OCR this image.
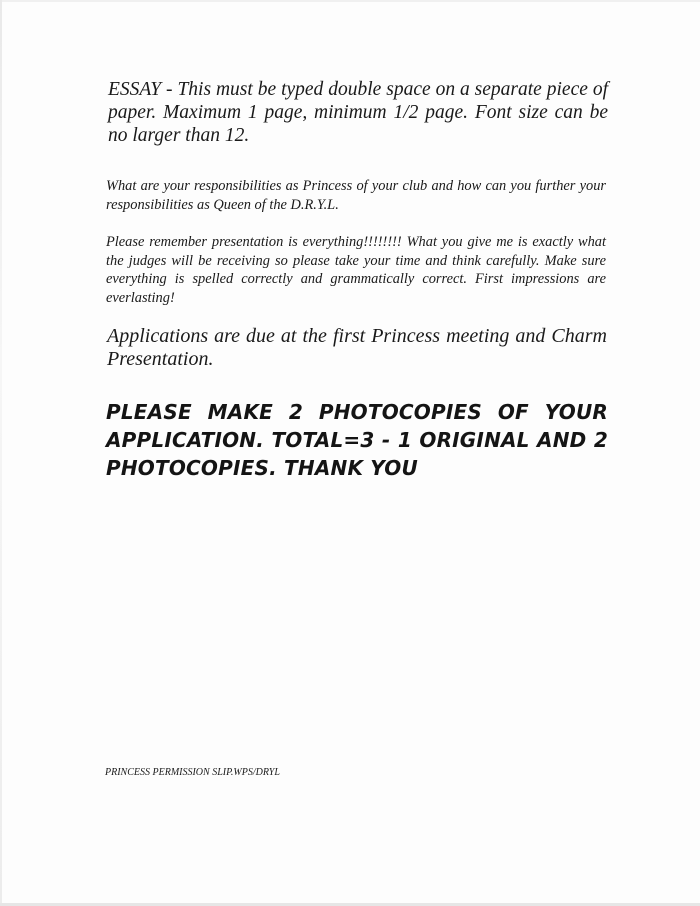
ESSAY - This must be typed double space on a separate piece of paper. Maximum 1 page, minimum 1/2 page. Font size can be no larger than 12.
What are your responsibilities as Princess of your club and how can you further your responsibilities as Queen of the D.R.Y.L.
Please remember presentation is everything!!!!!!!! What you give me is exactly what the judges will be receiving so please take your time and think carefully. Make sure everything is spelled correctly and grammatically correct. First impressions are everlasting!
Applications are due at the first Princess meeting and Charm Presentation.
PLEASE MAKE 2 PHOTOCOPIES OF YOUR APPLICATION. TOTAL=3 - 1 ORIGINAL AND 2 PHOTOCOPIES. THANK YOU
PRINCESS PERMISSION SLIP.WPS/DRYL
